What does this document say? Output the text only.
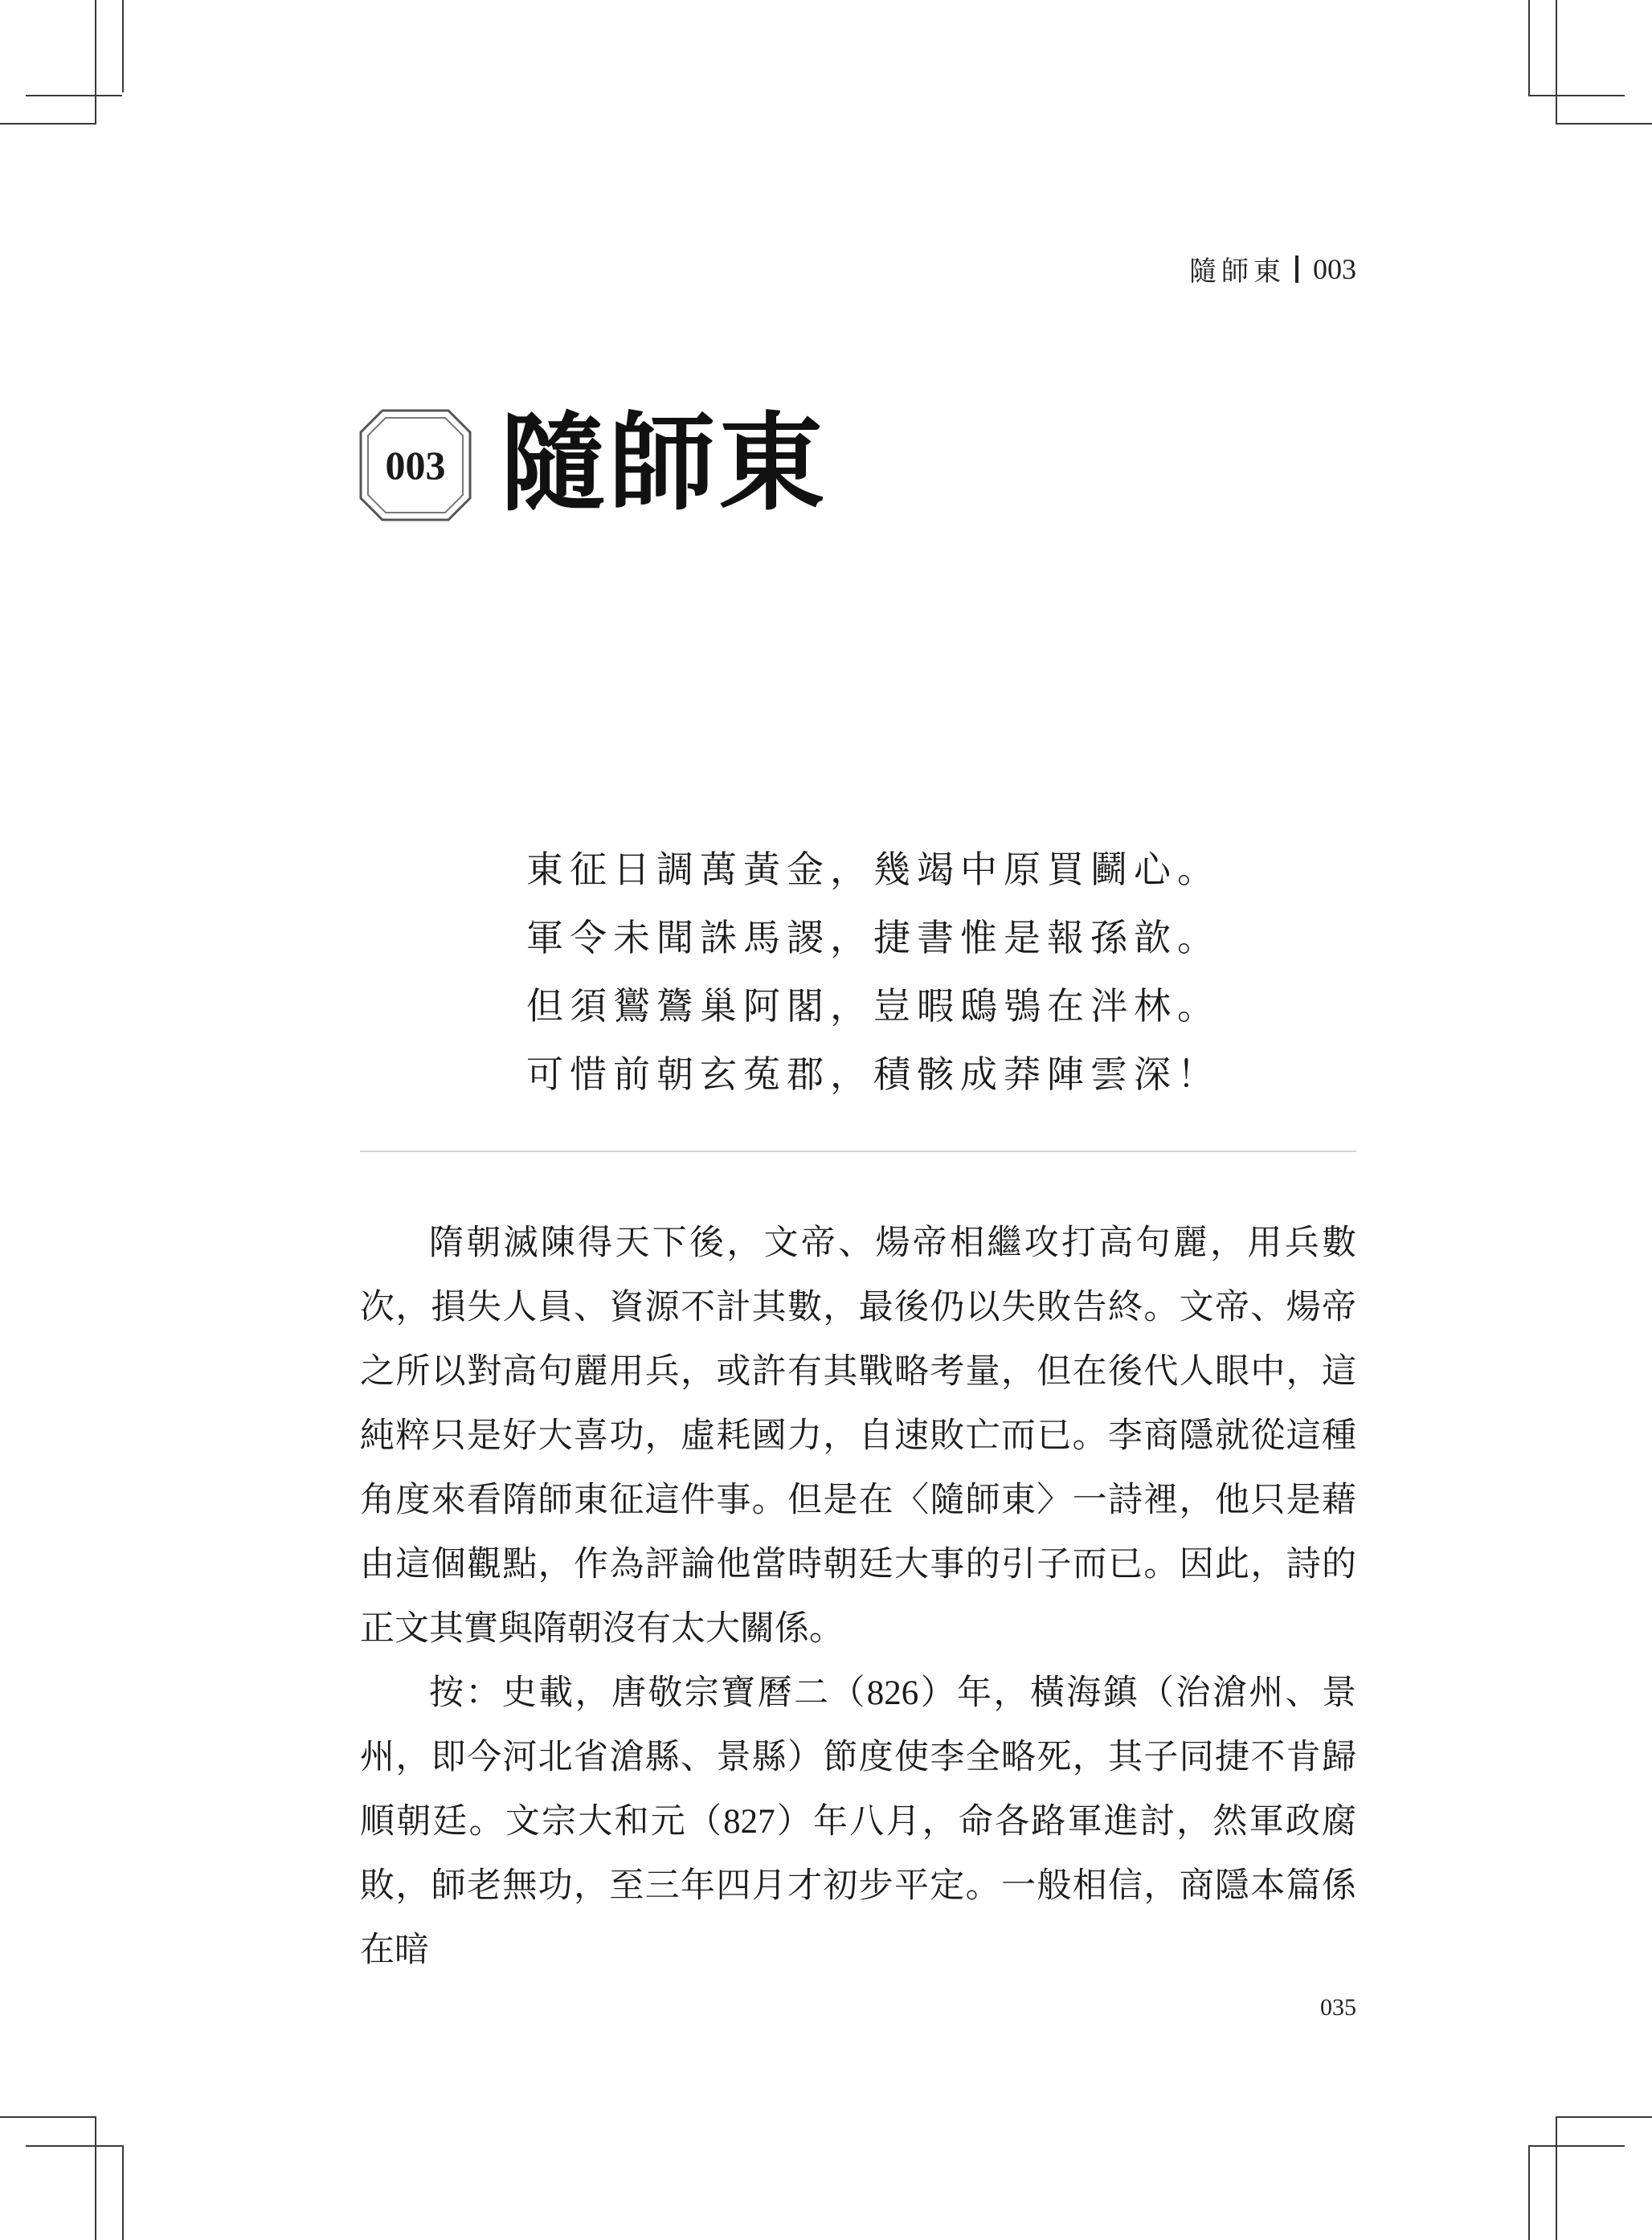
隨師東 003
003 隨師東
東征日調萬黃金，幾竭中原買鬬心。
軍令未聞誅馬謖，捷書惟是報孫歆。
但須鸑鷟巢阿閣，豈暇鴟鴞在泮林。
可惜前朝玄菟郡，積骸成莽陣雲深！

隋朝滅陳得天下後，文帝、煬帝相繼攻打高句麗，用兵數次，損失人員、資源不計其數，最後仍以失敗告終。文帝、煬帝之所以對高句麗用兵，或許有其戰略考量，但在後代人眼中，這純粹只是好大喜功，虛耗國力，自速敗亡而已。李商隱就從這種角度來看隋師東征這件事。但是在〈隨師東〉一詩裡，他只是藉由這個觀點，作為評論他當時朝廷大事的引子而已。因此，詩的正文其實與隋朝沒有太大關係。

按：史載，唐敬宗寶曆二（826）年，橫海鎮（治滄州、景州，即今河北省滄縣、景縣）節度使李全略死，其子同捷不肯歸順朝廷。文宗大和元（827）年八月，命各路軍進討，然軍政腐敗，師老無功，至三年四月才初步平定。一般相信，商隱本篇係在暗

035
